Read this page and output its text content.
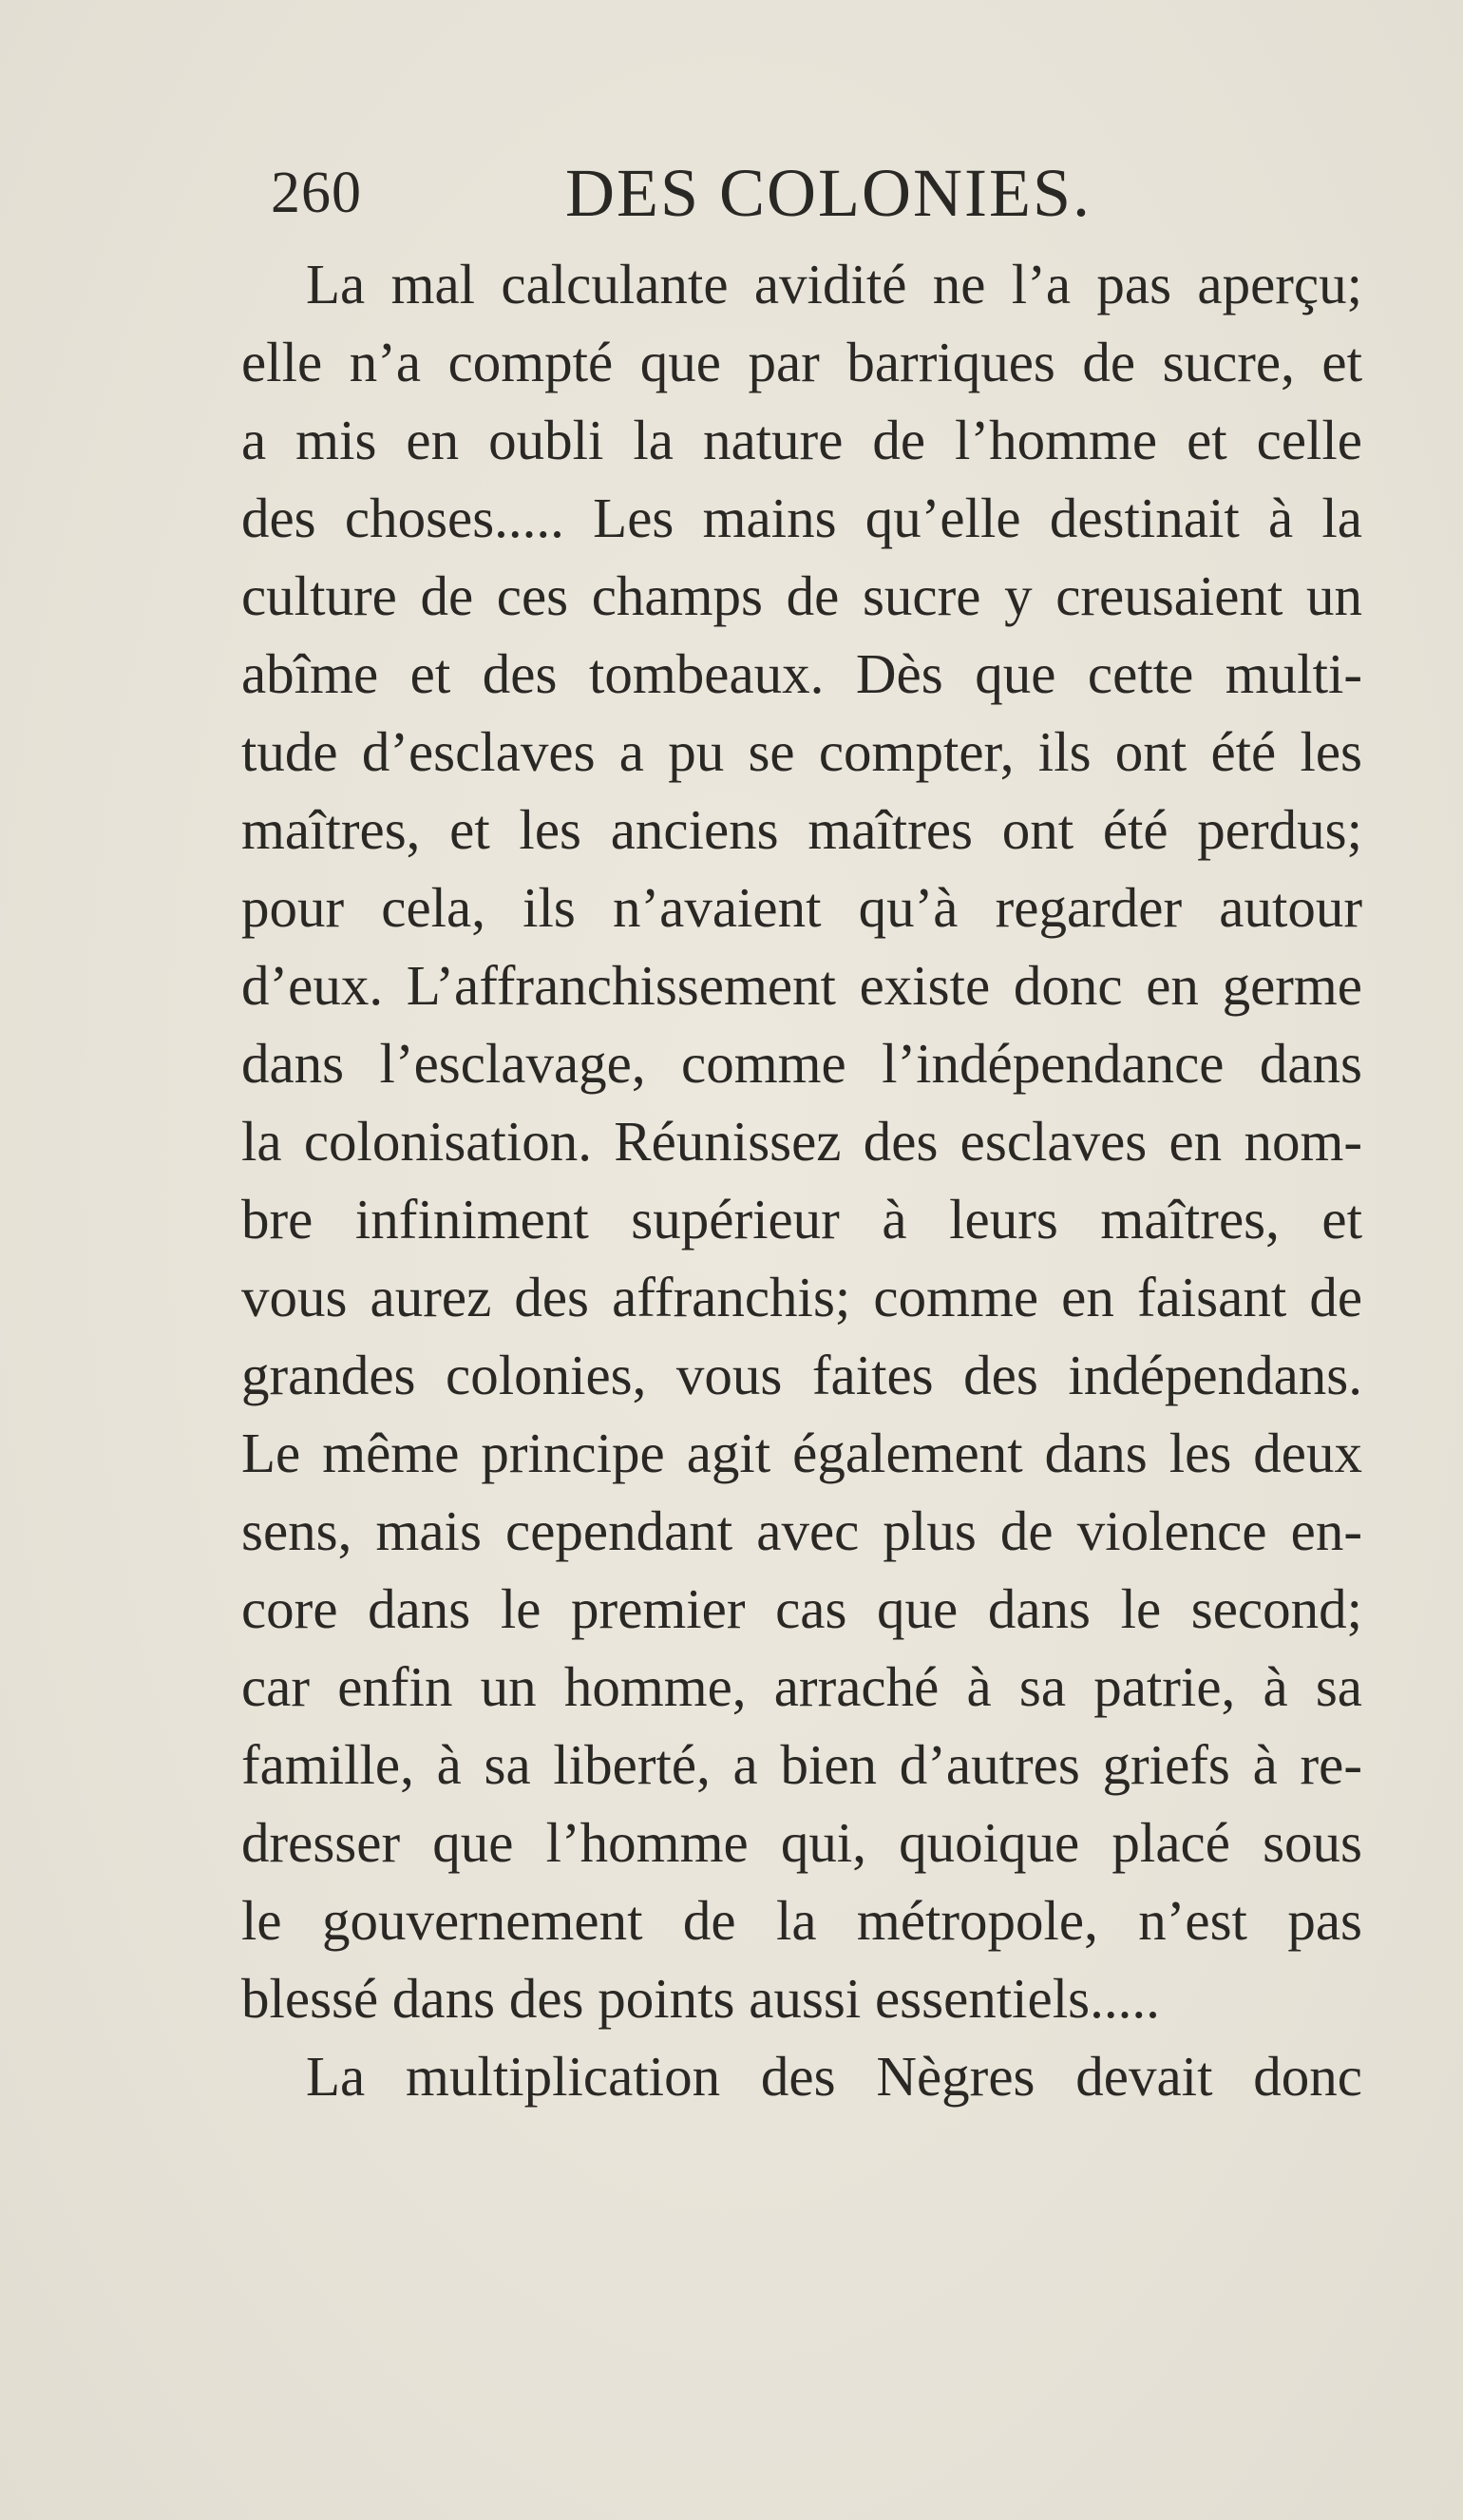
260	DES COLONIES.
La mal calculante avidité ne l’a pas aperçu;
elle n’a compté que par barriques de sucre, et
a mis en oubli la nature de l’homme et celle
des choses..... Les mains qu’elle destinait à la
culture de ces champs de sucre y creusaient un
abîme et des tombeaux. Dès que cette multi-
tude d’esclaves a pu se compter, ils ont été les
maîtres, et les anciens maîtres ont été perdus;
pour cela, ils n’avaient qu’à regarder autour
d’eux. L’affranchissement existe donc en germe
dans l’esclavage, comme l’indépendance dans
la colonisation. Réunissez des esclaves en nom-
bre infiniment supérieur à leurs maîtres, et
vous aurez des affranchis; comme en faisant de
grandes colonies, vous faites des indépendans.
Le même principe agit également dans les deux
sens, mais cependant avec plus de violence en-
core dans le premier cas que dans le second;
car enfin un homme, arraché à sa patrie, à sa
famille, à sa liberté, a bien d’autres griefs à re-
dresser que l’homme qui, quoique placé sous
le gouvernement de la métropole, n’est pas
blessé dans des points aussi essentiels.....
La multiplication des Nègres devait donc
